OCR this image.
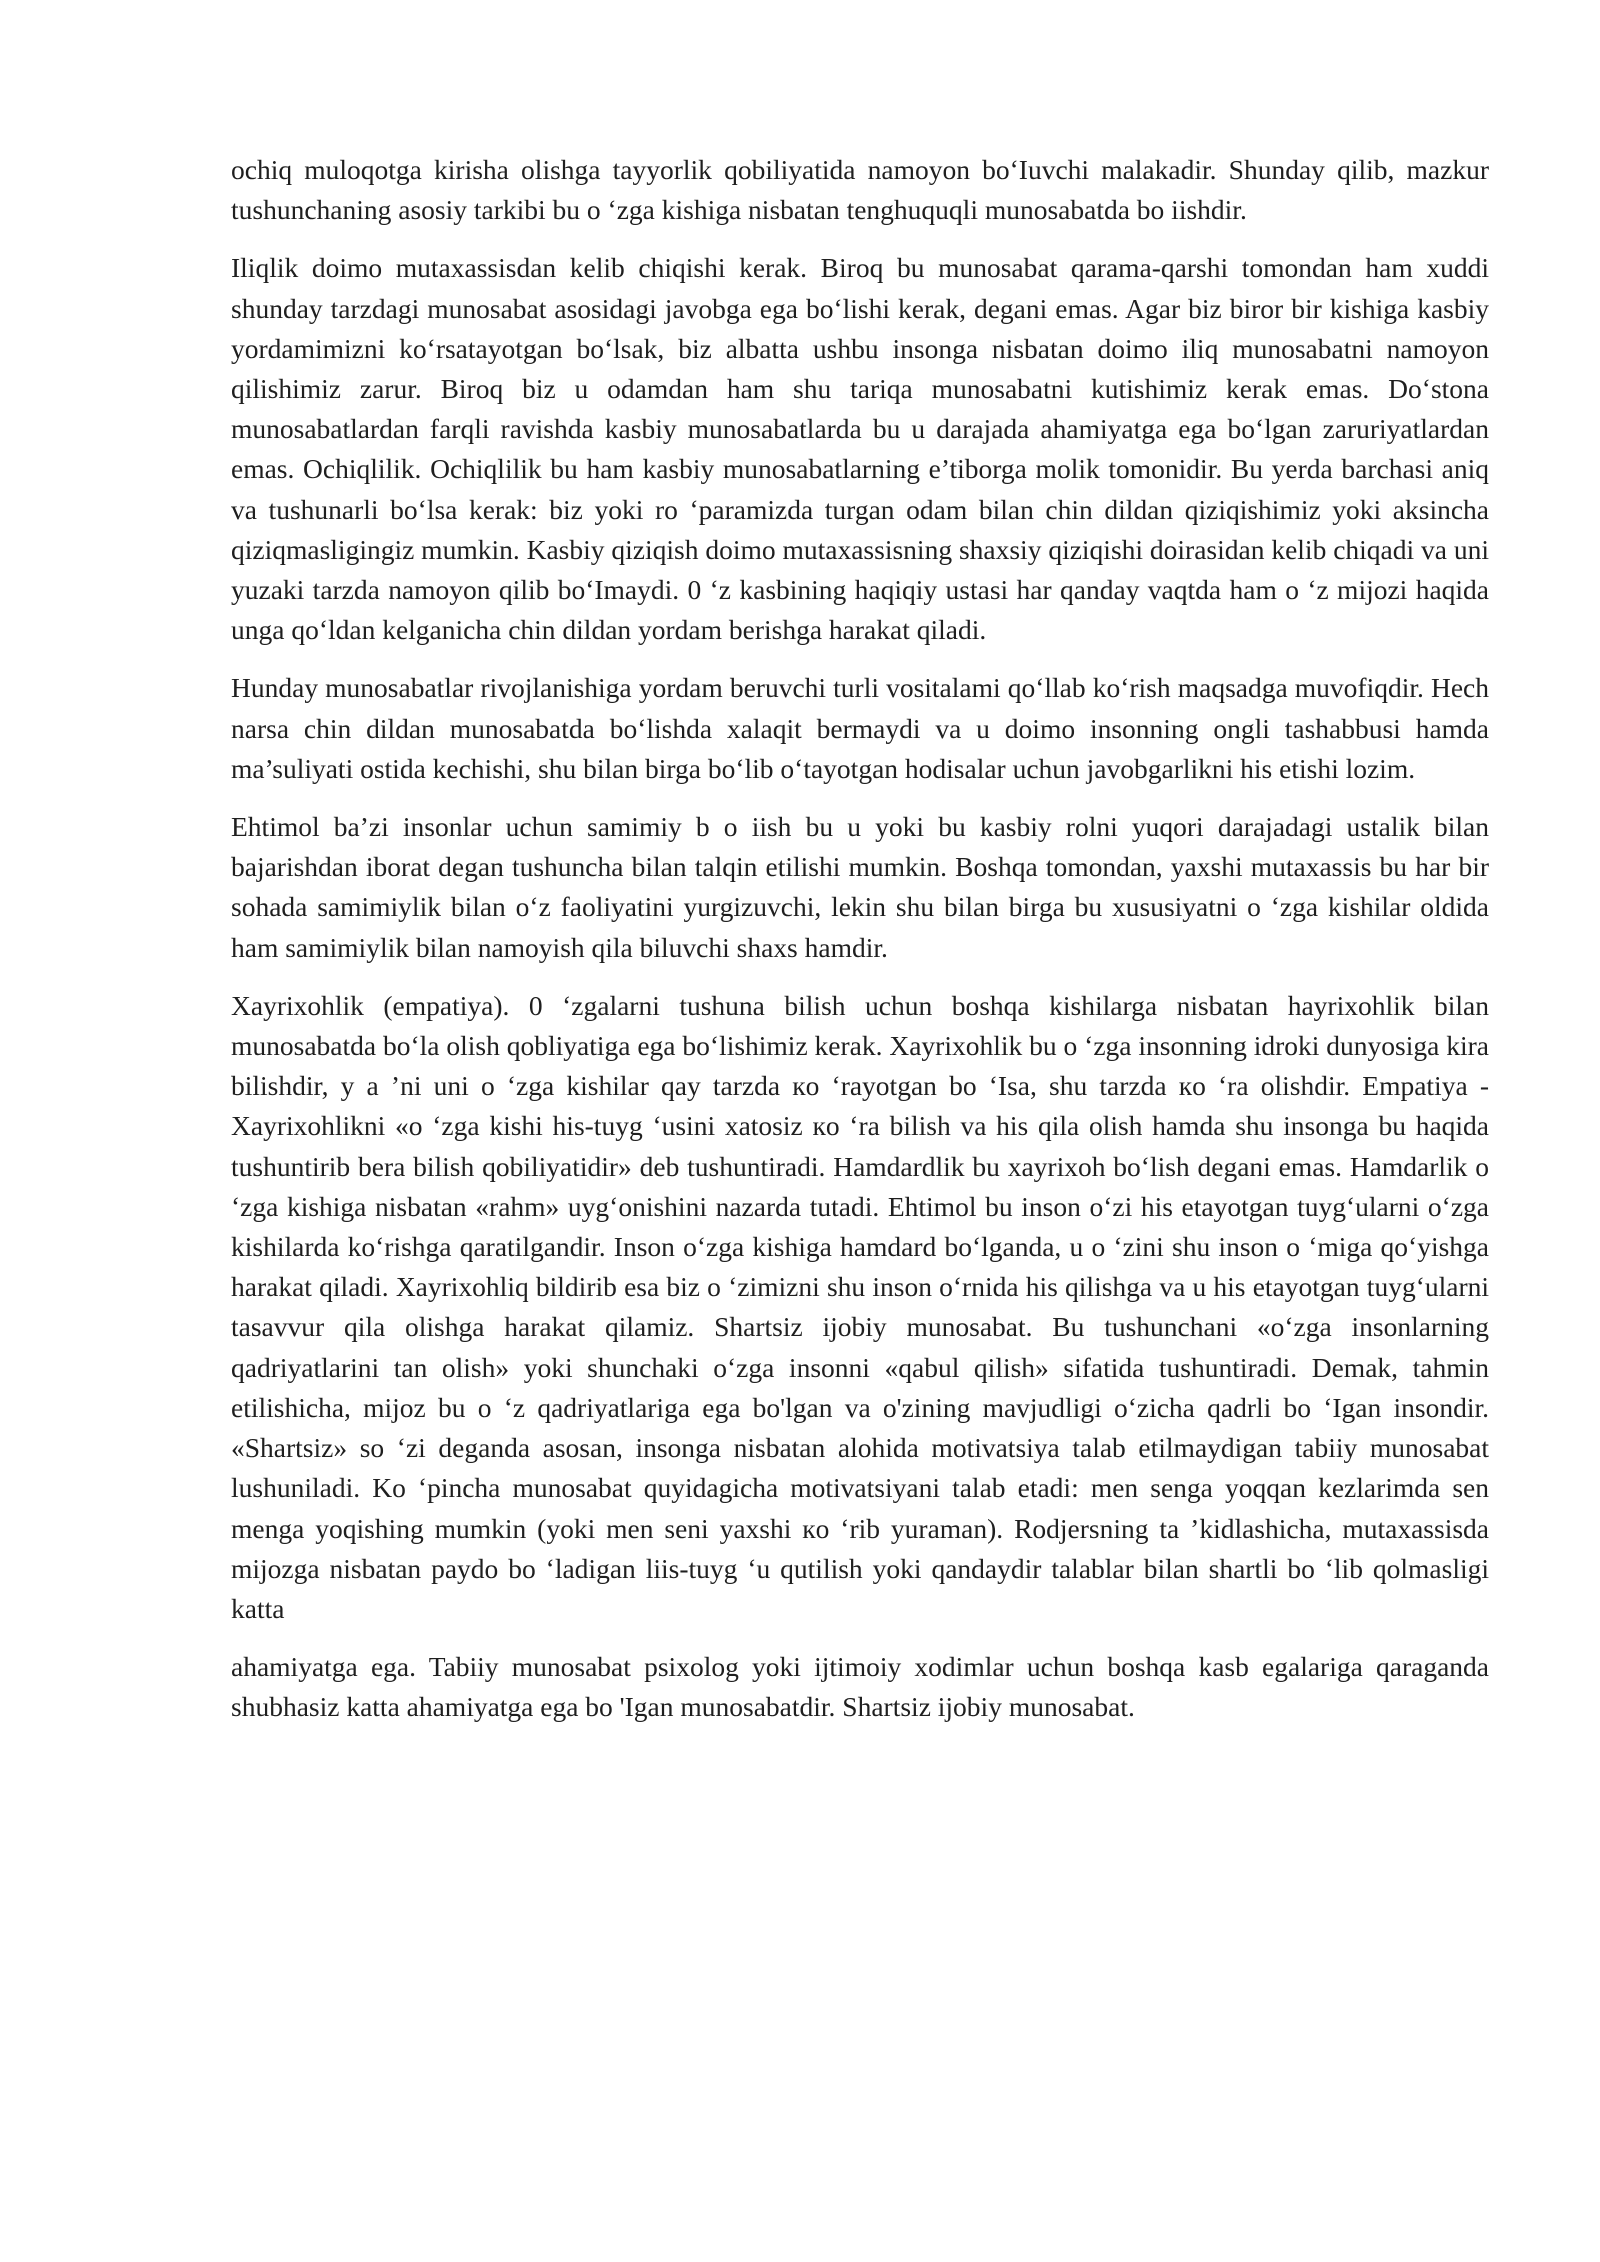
ochiq muloqotga kirisha olishga tayyorlik qobiliyatida namoyon bo‘Iuvchi malakadir. Shunday qilib, mazkur tushunchaning asosiy tarkibi bu o ‘zga kishiga nisbatan tenghuquqli munosabatda bo iishdir.

Iliqlik doimo mutaxassisdan kelib chiqishi kerak. Biroq bu munosabat qarama-qarshi tomondan ham xuddi shunday tarzdagi munosabat asosidagi javobga ega bo‘lishi kerak, degani emas. Agar biz biror bir kishiga kasbiy yordamimizni ko‘rsatayotgan bo‘lsak, biz albatta ushbu insonga nisbatan doimo iliq munosabatni namoyon qilishimiz zarur. Biroq biz u odamdan ham shu tariqa munosabatni kutishimiz kerak emas. Do‘stona munosabatlardan farqli ravishda kasbiy munosabatlarda bu u darajada ahamiyatga ega bo‘lgan zaruriyatlardan emas. Ochiqlilik. Ochiqlilik bu ham kasbiy munosabatlarning e’tiborga molik tomonidir. Bu yerda barchasi aniq va tushunarli bo‘lsa kerak: biz yoki ro ‘paramizda turgan odam bilan chin dildan qiziqishimiz yoki aksincha qiziqmasligingiz mumkin. Kasbiy qiziqish doimo mutaxassisning shaxsiy qiziqishi doirasidan kelib chiqadi va uni yuzaki tarzda namoyon qilib bo‘Imaydi. 0 ‘z kasbining haqiqiy ustasi har qanday vaqtda ham o ‘z mijozi haqida unga qo‘ldan kelganicha chin dildan yordam berishga harakat qiladi.

Hunday munosabatlar rivojlanishiga yordam beruvchi turli vositalami qo‘llab ko‘rish maqsadga muvofiqdir. Hech narsa chin dildan munosabatda bo‘lishda xalaqit bermaydi va u doimo insonning ongli tashabbusi hamda ma’suliyati ostida kechishi, shu bilan birga bo‘lib o‘tayotgan hodisalar uchun javobgarlikni his etishi lozim.

Ehtimol ba’zi insonlar uchun samimiy b o iish bu u yoki bu kasbiy rolni yuqori darajadagi ustalik bilan bajarishdan iborat degan tushuncha bilan talqin etilishi mumkin. Boshqa tomondan, yaxshi mutaxassis bu har bir sohada samimiylik bilan o‘z faoliyatini yurgizuvchi, lekin shu bilan birga bu xususiyatni o ‘zga kishilar oldida ham samimiylik bilan namoyish qila biluvchi shaxs hamdir.

Xayrixohlik (empatiya). 0 ‘zgalarni tushuna bilish uchun boshqa kishilarga nisbatan hayrixohlik bilan munosabatda bo‘la olish qobliyatiga ega bo‘lishimiz kerak. Xayrixohlik bu o ‘zga insonning idroki dunyosiga kira bilishdir, y a ’ni uni o ‘zga kishilar qay tarzda кo ‘rayotgan bo ‘Isa, shu tarzda кo ‘ra olishdir. Empatiya - Xayrixohlikni «o ‘zga kishi his-tuyg ‘usini xatosiz кo ‘ra bilish va his qila olish hamda shu insonga bu haqida tushuntirib bera bilish qobiliyatidir» deb tushuntiradi. Hamdardlik bu xayrixoh bo‘lish degani emas. Hamdarlik o ‘zga kishiga nisbatan «rahm» uyg‘onishini nazarda tutadi. Ehtimol bu inson o‘zi his etayotgan tuyg‘ularni o‘zga kishilarda ko‘rishga qaratilgandir. Inson o‘zga kishiga hamdard bo‘lganda, u o ‘zini shu inson o ‘miga qo‘yishga harakat qiladi. Xayrixohliq bildirib esa biz o ‘zimizni shu inson o‘rnida his qilishga va u his etayotgan tuyg‘ularni tasavvur qila olishga harakat qilamiz. Shartsiz ijobiy munosabat. Bu tushunchani «o‘zga insonlarning qadriyatlarini tan olish» yoki shunchaki o‘zga insonni «qabul qilish» sifatida tushuntiradi. Demak, tahmin etilishicha, mijoz bu o ‘z qadriyatlariga ega bo'lgan va o'zining mavjudligi o‘zicha qadrli bo ‘Igan insondir. «Shartsiz» so ‘zi deganda asosan, insonga nisbatan alohida motivatsiya talab etilmaydigan tabiiy munosabat lushuniladi. Ko ‘pincha munosabat quyidagicha motivatsiyani talab etadi: men senga yoqqan kezlarimda sen menga yoqishing mumkin (yoki men seni yaxshi кo ‘rib yuraman). Rodjersning ta ’kidlashicha, mutaxassisda mijozga nisbatan paydo bo ‘ladigan liis-tuyg ‘u qutilish yoki qandaydir talablar bilan shartli bo ‘lib qolmasligi katta

ahamiyatga ega. Tabiiy munosabat psixolog yoki ijtimoiy xodimlar uchun boshqa kasb egalariga qaraganda shubhasiz katta ahamiyatga ega bo 'Igan munosabatdir. Shartsiz ijobiy munosabat.
